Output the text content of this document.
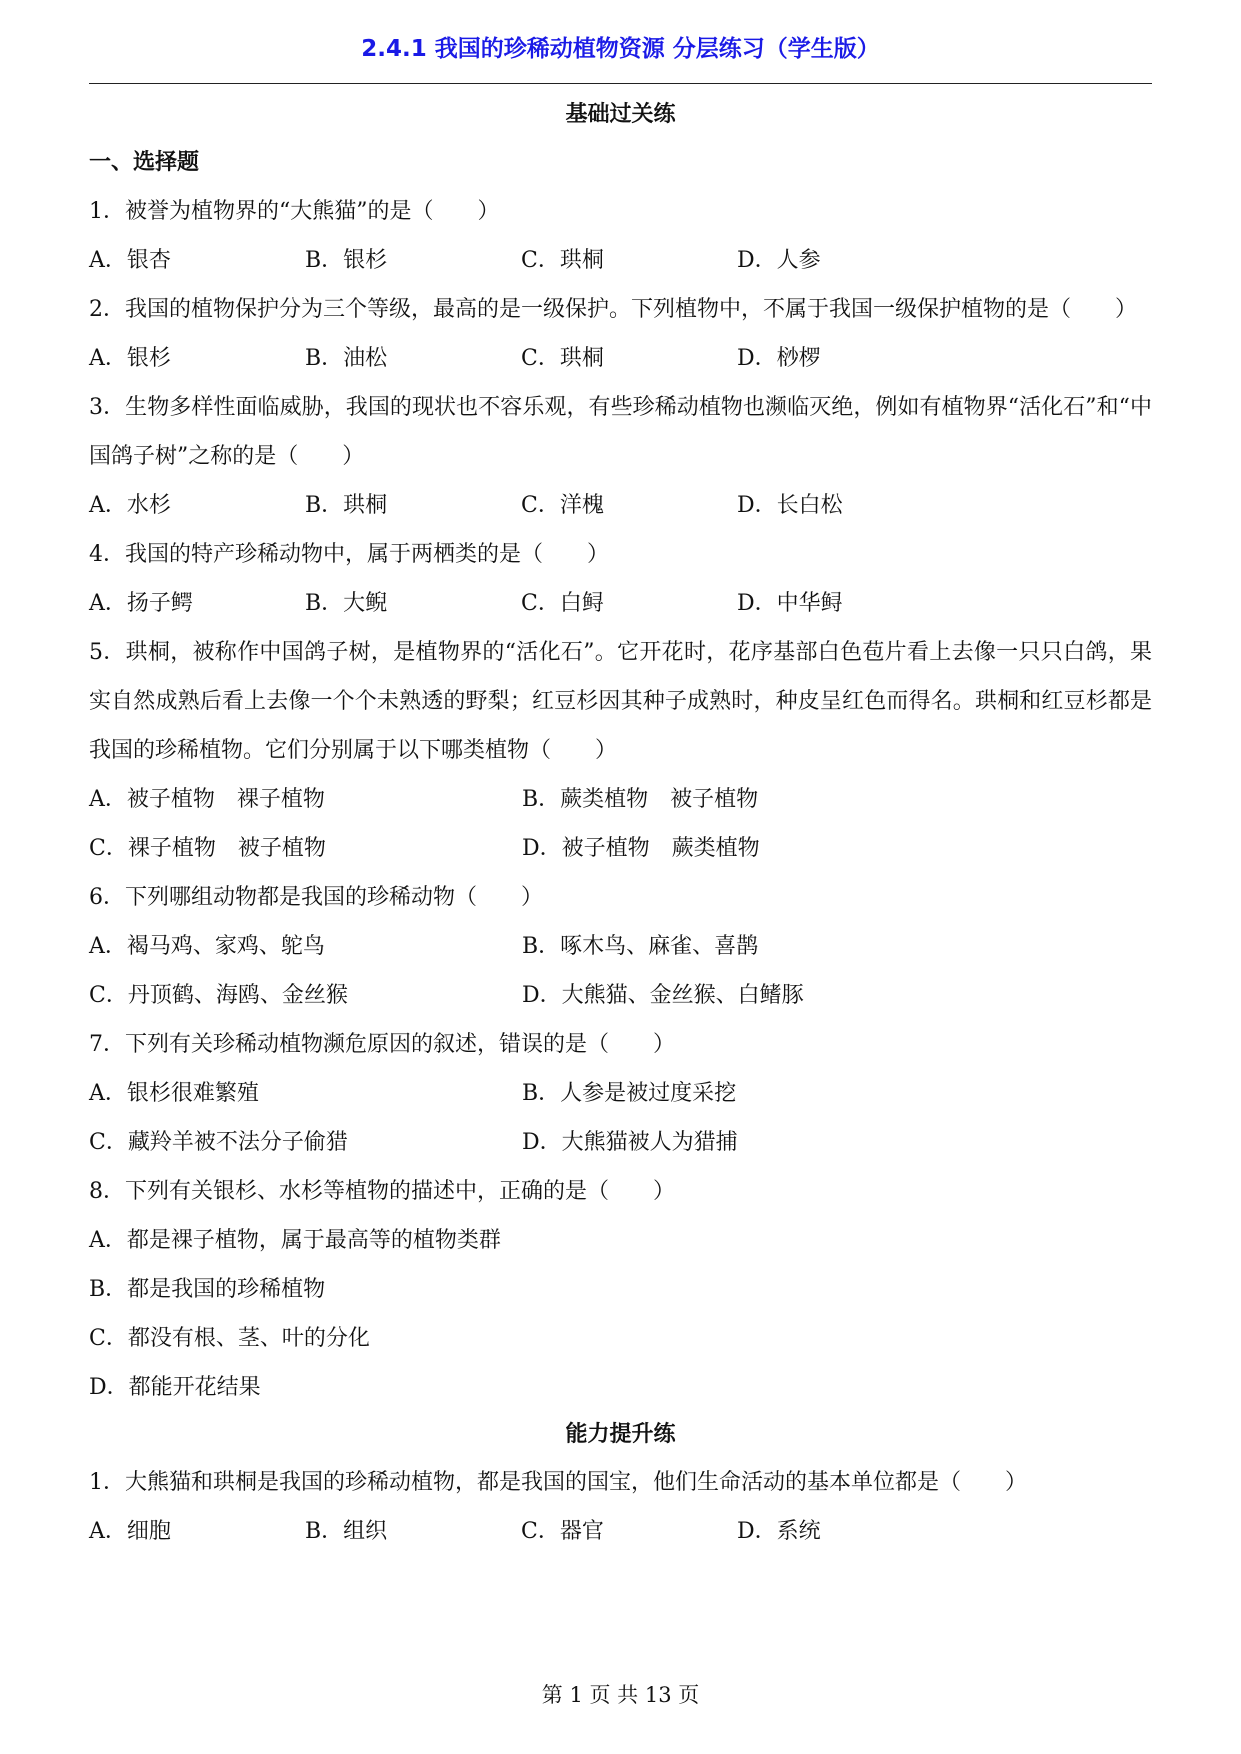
2.4.1 我国的珍稀动植物资源 分层练习（学生版）
基础过关练
一、选择题
1．被誉为植物界的“大熊猫”的是（　　）
A．银杏	B．银杉	C．珙桐	D．人参
2．我国的植物保护分为三个等级，最高的是一级保护。下列植物中，不属于我国一级保护植物的是（　　）
A．银杉	B．油松	C．珙桐	D．桫椤
3．生物多样性面临威胁，我国的现状也不容乐观，有些珍稀动植物也濒临灭绝，例如有植物界“活化石”和“中国鸽子树”之称的是（　　）
A．水杉	B．珙桐	C．洋槐	D．长白松
4．我国的特产珍稀动物中，属于两栖类的是（　　）
A．扬子鳄	B．大鲵	C．白鲟	D．中华鲟
5．珙桐，被称作中国鸽子树，是植物界的“活化石”。它开花时，花序基部白色苞片看上去像一只只白鸽，果实自然成熟后看上去像一个个未熟透的野梨；红豆杉因其种子成熟时，种皮呈红色而得名。珙桐和红豆杉都是我国的珍稀植物。它们分别属于以下哪类植物（　　）
A．被子植物　裸子植物	B．蕨类植物　被子植物
C．裸子植物　被子植物	D．被子植物　蕨类植物
6．下列哪组动物都是我国的珍稀动物（　　）
A．褐马鸡、家鸡、鸵鸟	B．啄木鸟、麻雀、喜鹊
C．丹顶鹤、海鸥、金丝猴	D．大熊猫、金丝猴、白鳍豚
7．下列有关珍稀动植物濒危原因的叙述，错误的是（　　）
A．银杉很难繁殖	B．人参是被过度采挖
C．藏羚羊被不法分子偷猎	D．大熊猫被人为猎捕
8．下列有关银杉、水杉等植物的描述中，正确的是（　　）
A．都是裸子植物，属于最高等的植物类群
B．都是我国的珍稀植物
C．都没有根、茎、叶的分化
D．都能开花结果
能力提升练
1．大熊猫和珙桐是我国的珍稀动植物，都是我国的国宝，他们生命活动的基本单位都是（　　）
A．细胞	B．组织	C．器官	D．系统
第 1 页 共 13 页
